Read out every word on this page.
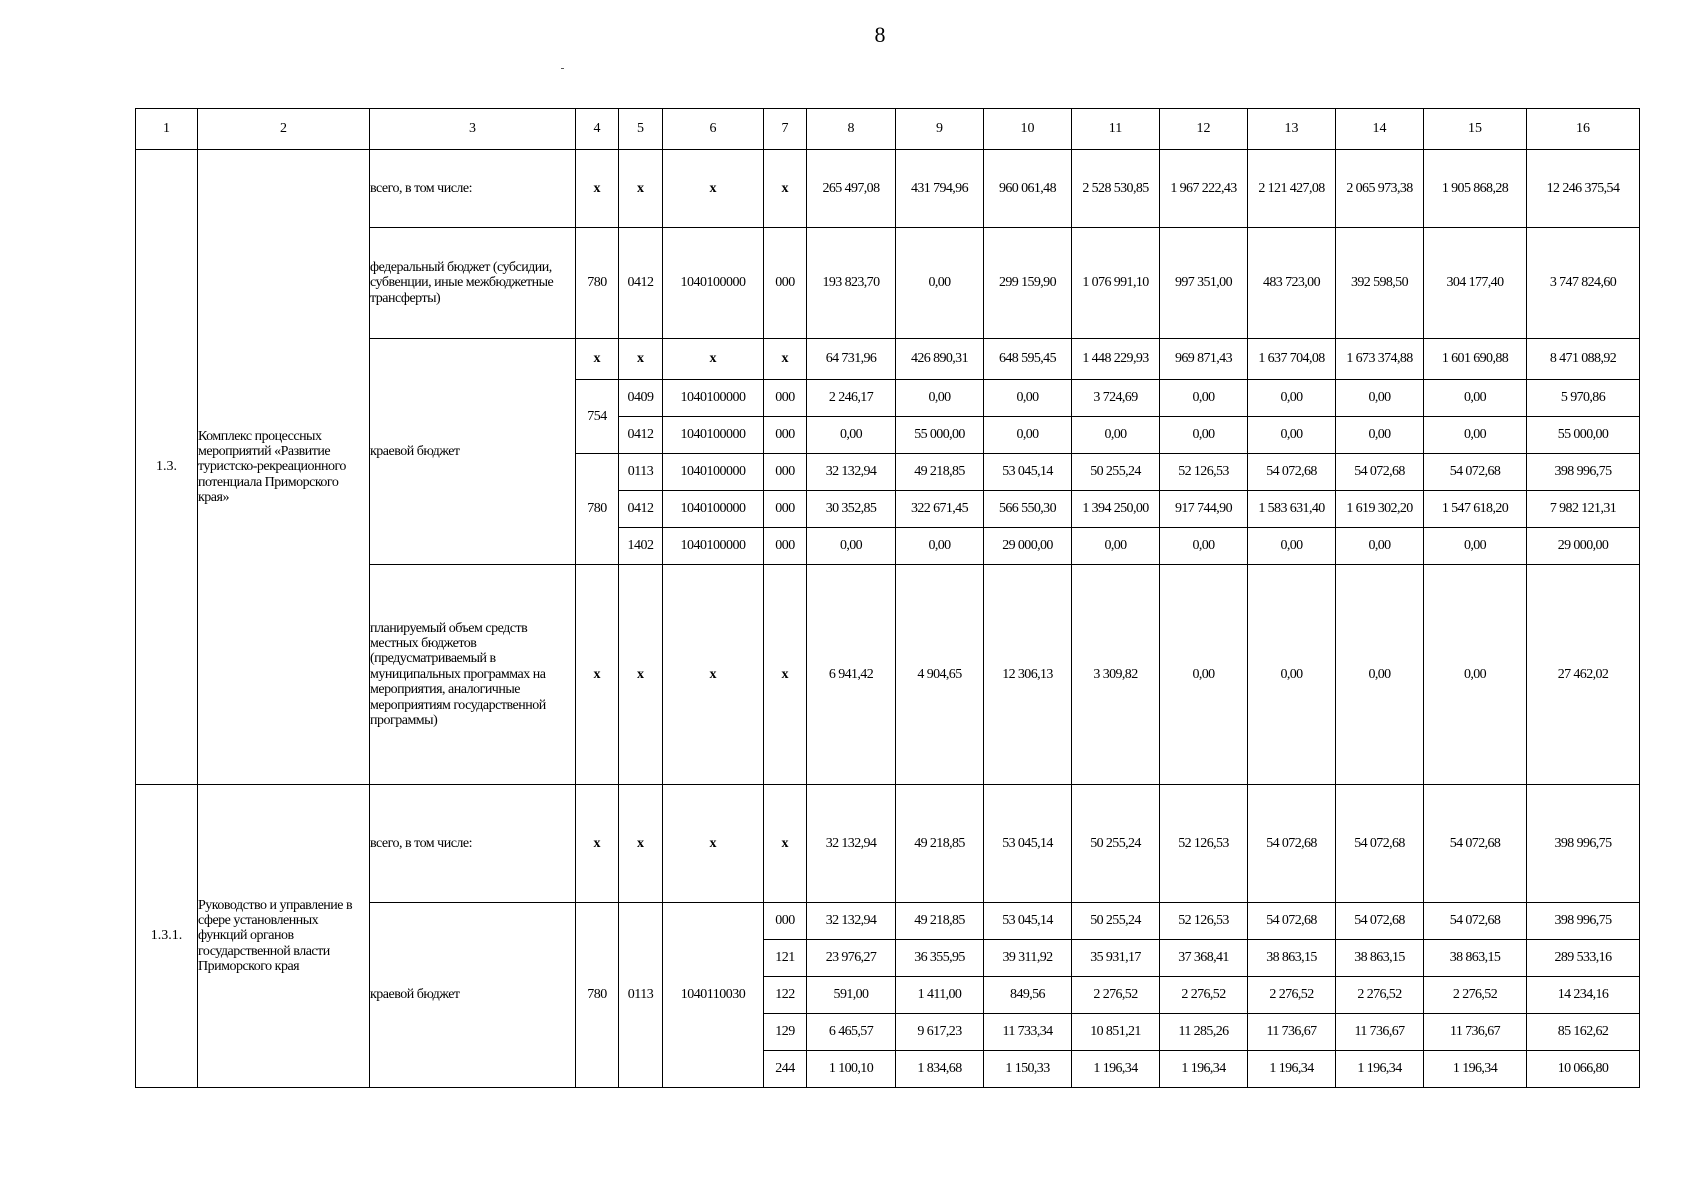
8
1	2	3	4	5	6	7	8	9	10	11	12	13	14	15	16
1.3.	Комплекс процессных мероприятий «Развитие туристско-рекреационного потенциала Приморского края»	всего, в том числе:	x	x	x	x	265 497,08	431 794,96	960 061,48	2 528 530,85	1 967 222,43	2 121 427,08	2 065 973,38	1 905 868,28	12 246 375,54
		федеральный бюджет (субсидии, субвенции, иные межбюджетные трансферты)	780	0412	1040100000	000	193 823,70	0,00	299 159,90	1 076 991,10	997 351,00	483 723,00	392 598,50	304 177,40	3 747 824,60
		краевой бюджет	x	x	x	x	64 731,96	426 890,31	648 595,45	1 448 229,93	969 871,43	1 637 704,08	1 673 374,88	1 601 690,88	8 471 088,92
			754	0409	1040100000	000	2 246,17	0,00	0,00	3 724,69	0,00	0,00	0,00	0,00	5 970,86
				0412	1040100000	000	0,00	55 000,00	0,00	0,00	0,00	0,00	0,00	0,00	55 000,00
			780	0113	1040100000	000	32 132,94	49 218,85	53 045,14	50 255,24	52 126,53	54 072,68	54 072,68	54 072,68	398 996,75
				0412	1040100000	000	30 352,85	322 671,45	566 550,30	1 394 250,00	917 744,90	1 583 631,40	1 619 302,20	1 547 618,20	7 982 121,31
				1402	1040100000	000	0,00	0,00	29 000,00	0,00	0,00	0,00	0,00	0,00	29 000,00
		планируемый объем средств местных бюджетов (предусматриваемый в муниципальных программах на мероприятия, аналогичные мероприятиям государственной программы)	x	x	x	x	6 941,42	4 904,65	12 306,13	3 309,82	0,00	0,00	0,00	0,00	27 462,02
1.3.1.	Руководство и управление в сфере установленных функций органов государственной власти Приморского края	всего, в том числе:	x	x	x	x	32 132,94	49 218,85	53 045,14	50 255,24	52 126,53	54 072,68	54 072,68	54 072,68	398 996,75
		краевой бюджет	780	0113	1040110030	000	32 132,94	49 218,85	53 045,14	50 255,24	52 126,53	54 072,68	54 072,68	54 072,68	398 996,75
						121	23 976,27	36 355,95	39 311,92	35 931,17	37 368,41	38 863,15	38 863,15	38 863,15	289 533,16
						122	591,00	1 411,00	849,56	2 276,52	2 276,52	2 276,52	2 276,52	2 276,52	14 234,16
						129	6 465,57	9 617,23	11 733,34	10 851,21	11 285,26	11 736,67	11 736,67	11 736,67	85 162,62
						244	1 100,10	1 834,68	1 150,33	1 196,34	1 196,34	1 196,34	1 196,34	1 196,34	10 066,80
